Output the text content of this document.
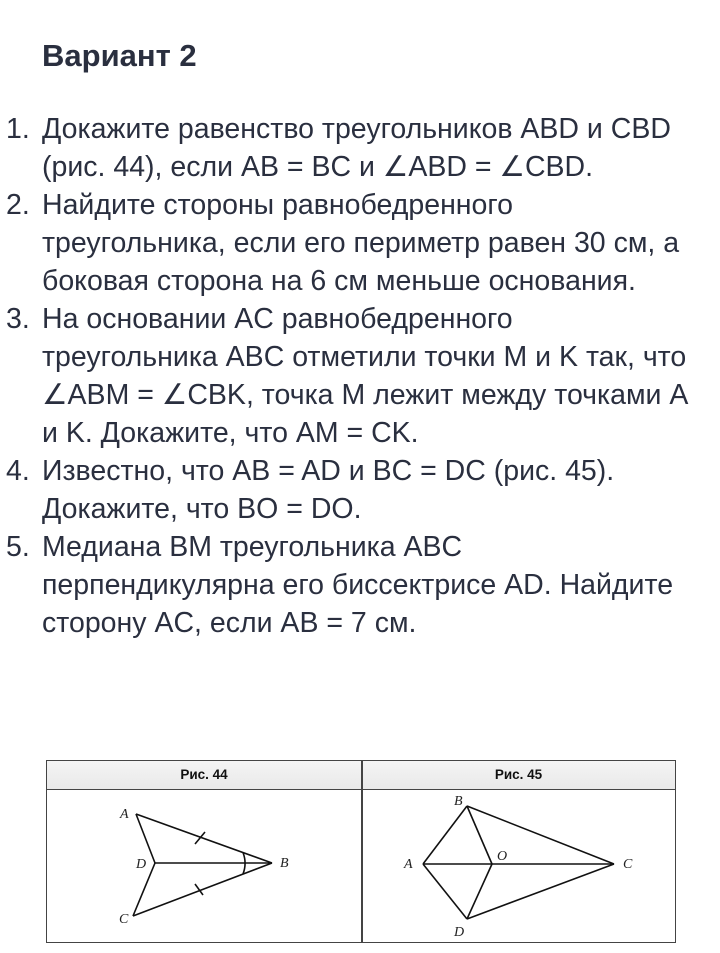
Вариант 2
1. Докажите равенство треугольников ABD и CBD (рис. 44), если AB = BC и ∠ABD = ∠CBD.
2. Найдите стороны равнобедренного треугольника, если его периметр равен 30 см, а боковая сторона на 6 см меньше основания.
3. На основании AC равнобедренного треугольника ABC отметили точки M и K так, что ∠ABM = ∠CBK, точка M лежит между точками A и K. Докажите, что AM = CK.
4. Известно, что AB = AD и BC = DC (рис. 45). Докажите, что BO = DO.
5. Медиана BM треугольника ABC перпендикулярна его биссектрисе AD. Найдите сторону AC, если AB = 7 см.
Рис. 44	Рис. 45
A
B
C
D
B
A
O
C
D
